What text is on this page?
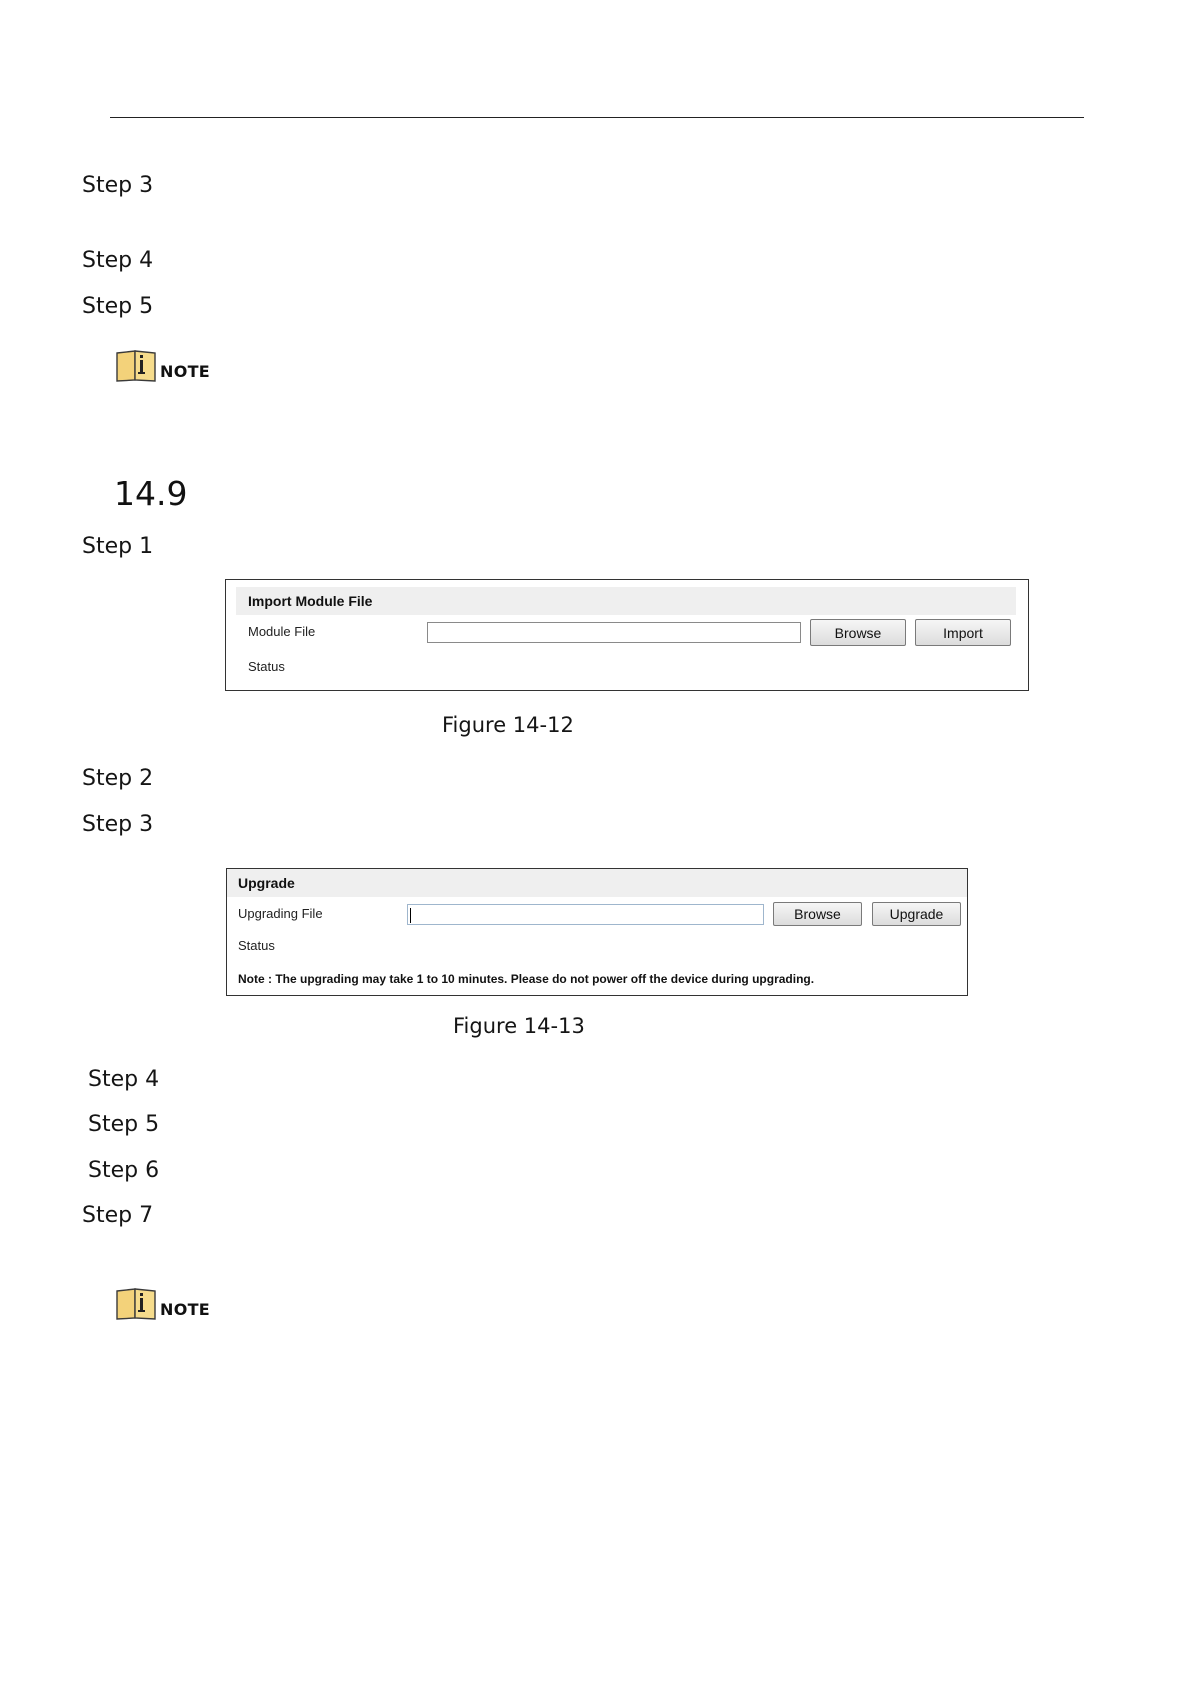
Step 3
Step 4
Step 5
NOTE
14.9
Step 1
Import Module File
Module File	Browse	Import
Status
Figure 14-12
Step 2
Step 3
Upgrade
Upgrading File	Browse	Upgrade
Status
Note : The upgrading may take 1 to 10 minutes. Please do not power off the device during upgrading.
Figure 14-13
Step 4
Step 5
Step 6
Step 7
NOTE
